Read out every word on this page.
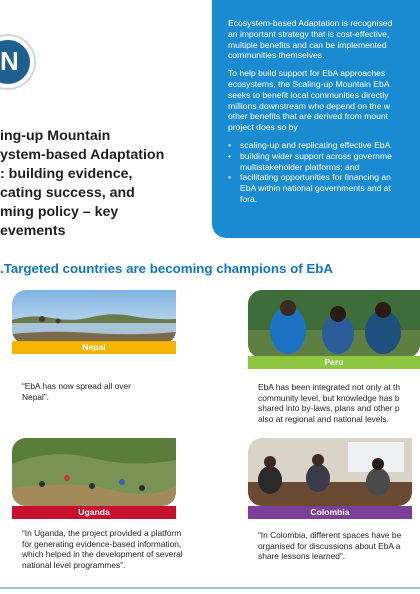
N
ing-up Mountain
ystem-based Adaptation
: building evidence,
cating success, and
ming policy – key
evements

Ecosystem-based Adaptation is recognised

an important strategy that is cost-effective,

multiple benefits and can be implemented

communities themselves.

To help build support for EbA approaches

ecosystems, the Scaling-up Mountain EbA

seeks to benefit local communities directly

millions downstream who depend on the w

other benefits that are derived from mount

project does so by

• scaling-up and replicating effective EbA

• building wider support across governme

multistakeholder platforms; and

• facilitating opportunities for financing an

EbA within national governments and at

fora.

.Targeted countries are becoming champions of EbA
Nepal
“EbA has now spread all over
Nepal”.
Peru
EbA has been integrated not only at th
community level, but knowledge has b
shared into by-laws, plans and other p
also at regional and national levels.
Uganda
“In Uganda, the project provided a platform
for generating evidence-based information,
which helped in the development of several
national level programmes”.
Colombia
“In Colombia, different spaces have be
organised for discussions about EbA a
share lessons learned”.
